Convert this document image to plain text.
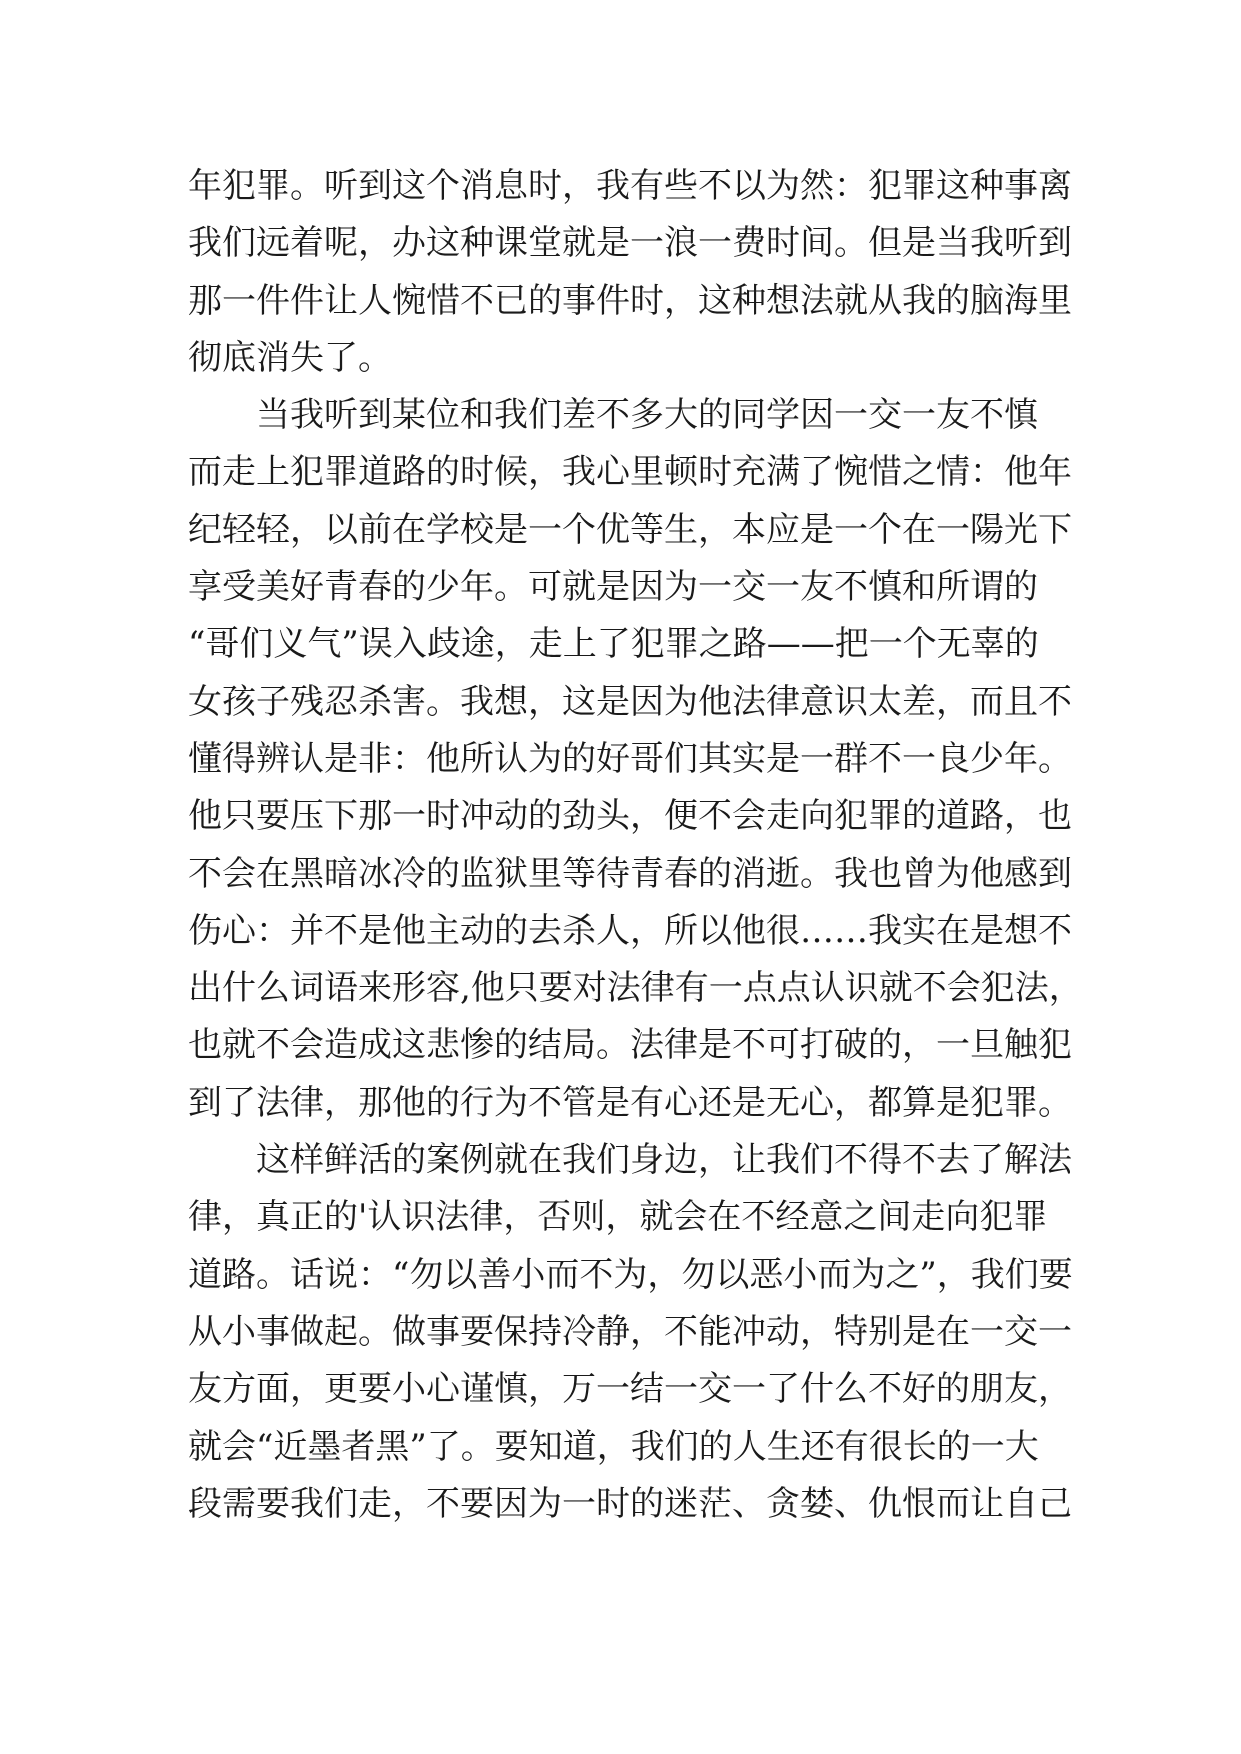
年犯罪。听到这个消息时，我有些不以为然：犯罪这种事离
我们远着呢，办这种课堂就是一浪一费时间。但是当我听到
那一件件让人惋惜不已的事件时，这种想法就从我的脑海里
彻底消失了。
当我听到某位和我们差不多大的同学因一交一友不慎
而走上犯罪道路的时候，我心里顿时充满了惋惜之情：他年
纪轻轻，以前在学校是一个优等生，本应是一个在一陽光下
享受美好青春的少年。可就是因为一交一友不慎和所谓的
“哥们义气”误入歧途，走上了犯罪之路——把一个无辜的
女孩子残忍杀害。我想，这是因为他法律意识太差，而且不
懂得辨认是非：他所认为的好哥们其实是一群不一良少年。
他只要压下那一时冲动的劲头，便不会走向犯罪的道路，也
不会在黑暗冰冷的监狱里等待青春的消逝。我也曾为他感到
伤心：并不是他主动的去杀人，所以他很……我实在是想不
出什么词语来形容,他只要对法律有一点点认识就不会犯法，
也就不会造成这悲惨的结局。法律是不可打破的，一旦触犯
到了法律，那他的行为不管是有心还是无心，都算是犯罪。
这样鲜活的案例就在我们身边，让我们不得不去了解法
律，真正的'认识法律，否则，就会在不经意之间走向犯罪
道路。话说：“勿以善小而不为，勿以恶小而为之”，我们要
从小事做起。做事要保持冷静，不能冲动，特别是在一交一
友方面，更要小心谨慎，万一结一交一了什么不好的朋友，
就会“近墨者黑”了。要知道，我们的人生还有很长的一大
段需要我们走，不要因为一时的迷茫、贪婪、仇恨而让自己
